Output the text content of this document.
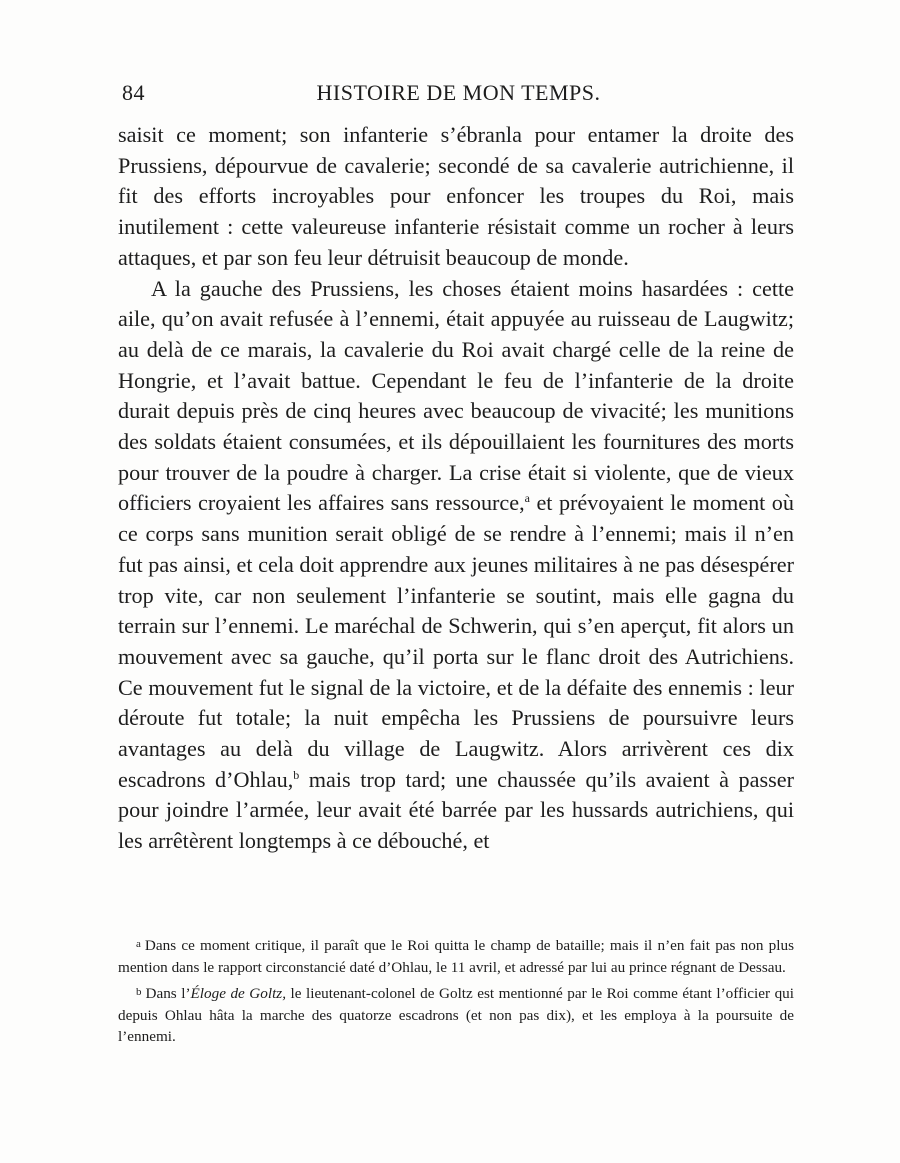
84	HISTOIRE DE MON TEMPS.

saisit ce moment; son infanterie s’ébranla pour entamer la droite des Prussiens, dépourvue de cavalerie; secondé de sa cavalerie autrichienne, il fit des efforts incroyables pour enfoncer les troupes du Roi, mais inutilement : cette valeureuse infanterie résistait comme un rocher à leurs attaques, et par son feu leur détruisit beaucoup de monde.

A la gauche des Prussiens, les choses étaient moins hasardées : cette aile, qu’on avait refusée à l’ennemi, était appuyée au ruisseau de Laugwitz; au delà de ce marais, la cavalerie du Roi avait chargé celle de la reine de Hongrie, et l’avait battue. Cependant le feu de l’infanterie de la droite durait depuis près de cinq heures avec beaucoup de vivacité; les munitions des soldats étaient consumées, et ils dépouillaient les fournitures des morts pour trouver de la poudre à charger. La crise était si violente, que de vieux officiers croyaient les affaires sans ressource,$^a$ et prévoyaient le moment où ce corps sans munition serait obligé de se rendre à l’ennemi; mais il n’en fut pas ainsi, et cela doit apprendre aux jeunes militaires à ne pas désespérer trop vite, car non seulement l’infanterie se soutint, mais elle gagna du terrain sur l’ennemi. Le maréchal de Schwerin, qui s’en aperçut, fit alors un mouvement avec sa gauche, qu’il porta sur le flanc droit des Autrichiens. Ce mouvement fut le signal de la victoire, et de la défaite des ennemis : leur déroute fut totale; la nuit empêcha les Prussiens de poursuivre leurs avantages au delà du village de Laugwitz. Alors arrivèrent ces dix escadrons d’Ohlau,$^b$ mais trop tard; une chaussée qu’ils avaient à passer pour joindre l’armée, leur avait été barrée par les hussards autrichiens, qui les arrêtèrent longtemps à ce débouché, et

a Dans ce moment critique, il paraît que le Roi quitta le champ de bataille; mais il n’en fait pas non plus mention dans le rapport circonstancié daté d’Ohlau, le 11 avril, et adressé par lui au prince régnant de Dessau.

b Dans l’Éloge de Goltz, le lieutenant-colonel de Goltz est mentionné par le Roi comme étant l’officier qui depuis Ohlau hâta la marche des quatorze escadrons (et non pas dix), et les employa à la poursuite de l’ennemi.
